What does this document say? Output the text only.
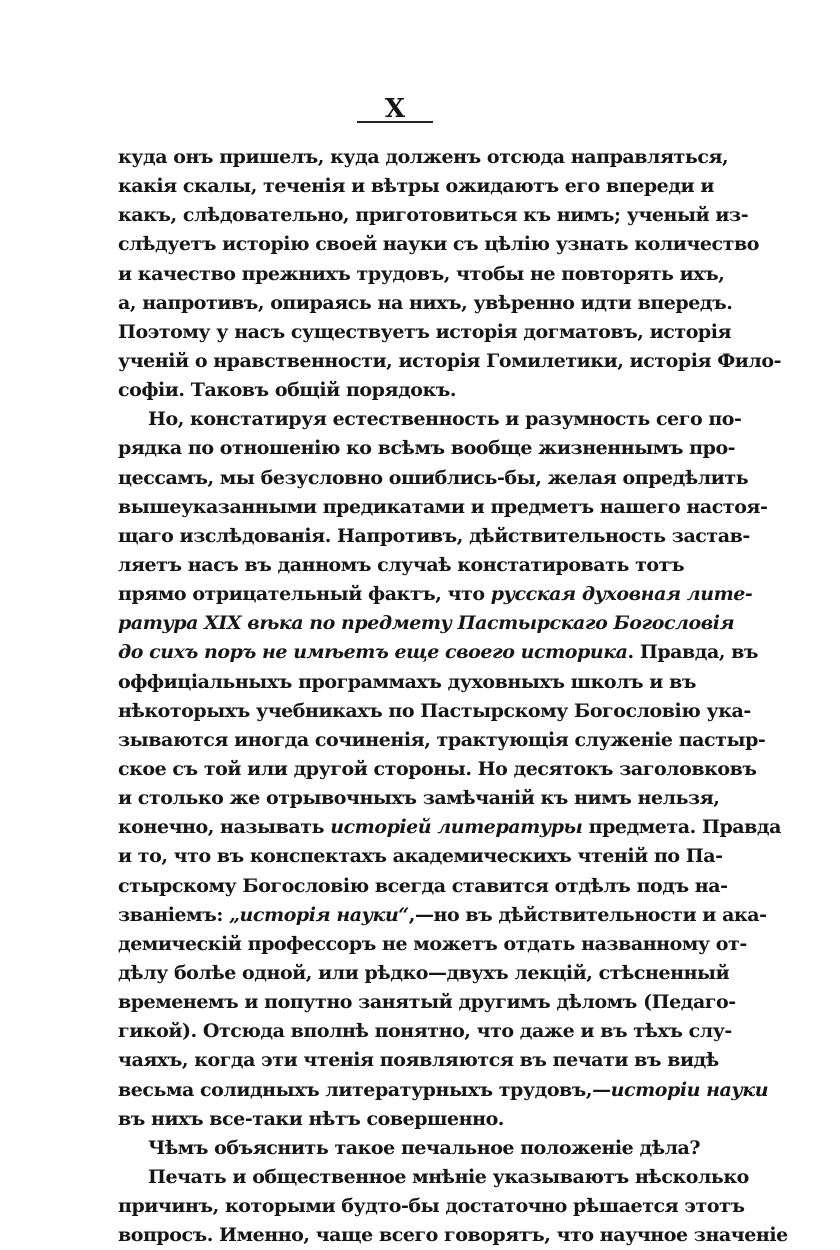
X
куда онъ пришелъ, куда долженъ отсюда направляться,
какія скалы, теченія и вѣтры ожидаютъ его впереди и
какъ, слѣдовательно, приготовиться къ нимъ; ученый из-
слѣдуетъ исторію своей науки съ цѣлію узнать количество
и качество прежнихъ трудовъ, чтобы не повторять ихъ,
а, напротивъ, опираясь на нихъ, увѣренно идти впередъ.
Поэтому у насъ существуетъ исторія догматовъ, исторія
ученій о нравственности, исторія Гомилетики, исторія Фило-
софіи. Таковъ общій порядокъ.
Но, констатируя естественность и разумность сего по-
рядка по отношенію ко всѣмъ вообще жизненнымъ про-
цессамъ, мы безусловно ошиблись-бы, желая опредѣлить
вышеуказанными предикатами и предметъ нашего настоя-
щаго изслѣдованія. Напротивъ, дѣйствительность застав-
ляетъ насъ въ данномъ случаѣ констатировать тотъ
прямо отрицательный фактъ, что русская духовная лите-
ратура XIX вѣка по предмету Пастырскаго Богословія
до сихъ поръ не имѣетъ еще своего историка. Правда, въ
оффиціальныхъ программахъ духовныхъ школъ и въ
нѣкоторыхъ учебникахъ по Пастырскому Богословію ука-
зываются иногда сочиненія, трактующія служеніе пастыр-
ское съ той или другой стороны. Но десятокъ заголовковъ
и столько же отрывочныхъ замѣчаній къ нимъ нельзя,
конечно, называть исторіей литературы предмета. Правда
и то, что въ конспектахъ академическихъ чтеній по Па-
стырскому Богословію всегда ставится отдѣлъ подъ на-
званіемъ: „исторія науки“,—но въ дѣйствительности и ака-
демическій профессоръ не можетъ отдать названному от-
дѣлу болѣе одной, или рѣдко—двухъ лекцій, стѣсненный
временемъ и попутно занятый другимъ дѣломъ (Педаго-
гикой). Отсюда вполнѣ понятно, что даже и въ тѣхъ слу-
чаяхъ, когда эти чтенія появляются въ печати въ видѣ
весьма солидныхъ литературныхъ трудовъ,—исторіи науки
въ нихъ все-таки нѣтъ совершенно.
Чѣмъ объяснить такое печальное положеніе дѣла?
Печать и общественное мнѣніе указываютъ нѣсколько
причинъ, которыми будто-бы достаточно рѣшается этотъ
вопросъ. Именно, чаще всего говорятъ, что научное значеніе
